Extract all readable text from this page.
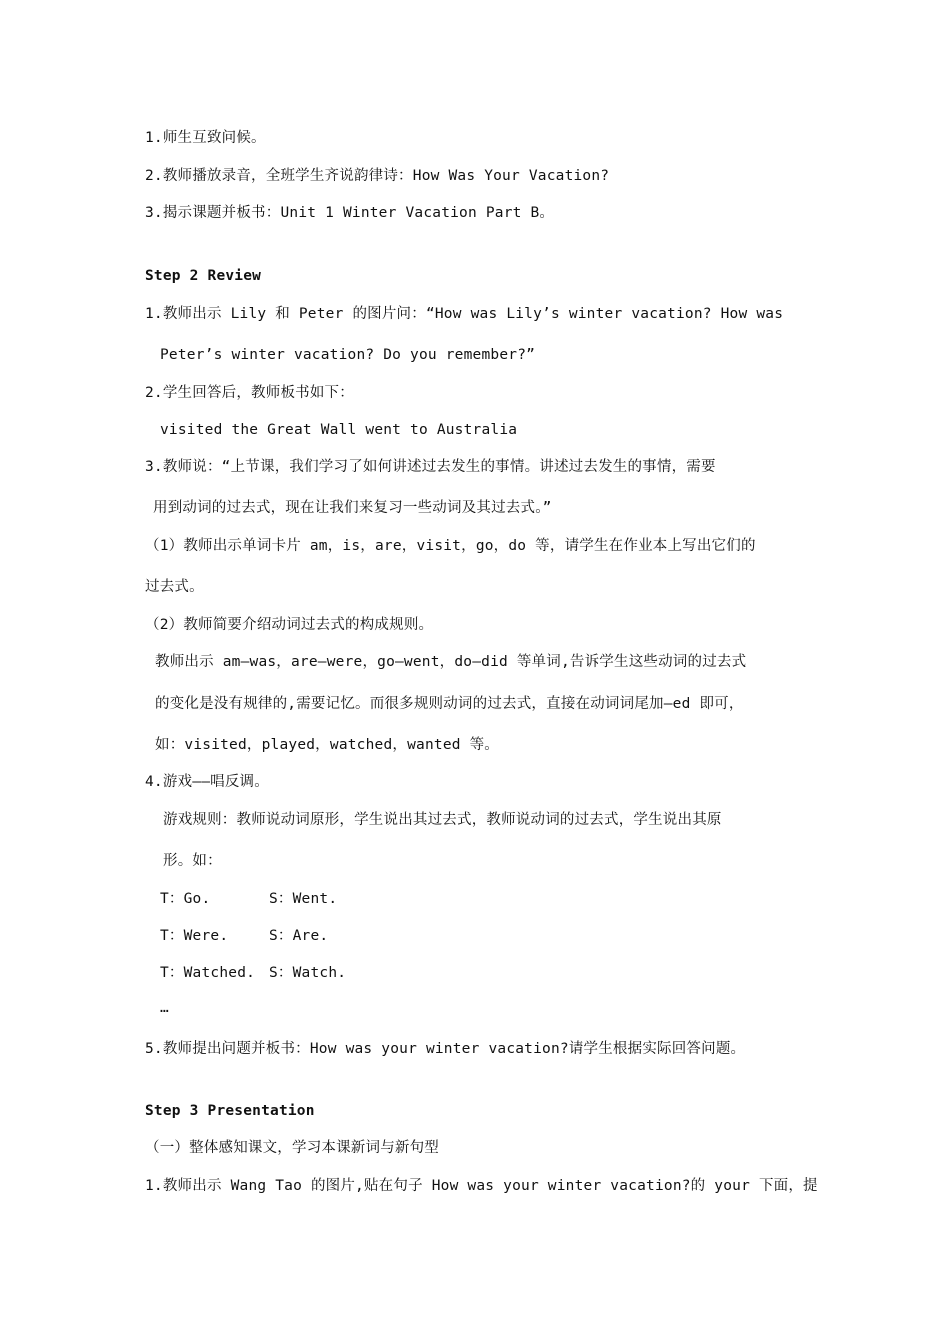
1.师生互致问候。
2.教师播放录音，全班学生齐说韵律诗：How Was Your Vacation?
3.揭示课题并板书：Unit 1 Winter Vacation Part B。
Step 2 Review
1.教师出示 Lily 和 Peter 的图片问：“How was Lily’s winter vacation? How was
Peter’s winter vacation? Do you remember?”
2.学生回答后，教师板书如下：
visited the Great Wall went to Australia
3.教师说：“上节课，我们学习了如何讲述过去发生的事情。讲述过去发生的事情，需要
用到动词的过去式，现在让我们来复习一些动词及其过去式。”
（1）教师出示单词卡片 am，is，are，visit，go，do 等，请学生在作业本上写出它们的
过去式。
（2）教师简要介绍动词过去式的构成规则。
教师出示 am—was，are—were，go—went，do—did 等单词,告诉学生这些动词的过去式
的变化是没有规律的,需要记忆。而很多规则动词的过去式，直接在动词词尾加—ed 即可，
如：visited，played，watched，wanted 等。
4.游戏——唱反调。
游戏规则：教师说动词原形，学生说出其过去式，教师说动词的过去式，学生说出其原
形。如：
T：Go.	S：Went.
T：Were.	S：Are.
T：Watched. S：Watch.
…
5.教师提出问题并板书：How was your winter vacation?请学生根据实际回答问题。
Step 3 Presentation
（一）整体感知课文，学习本课新词与新句型
1.教师出示 Wang Tao 的图片,贴在句子 How was your winter vacation?的 your 下面，提
